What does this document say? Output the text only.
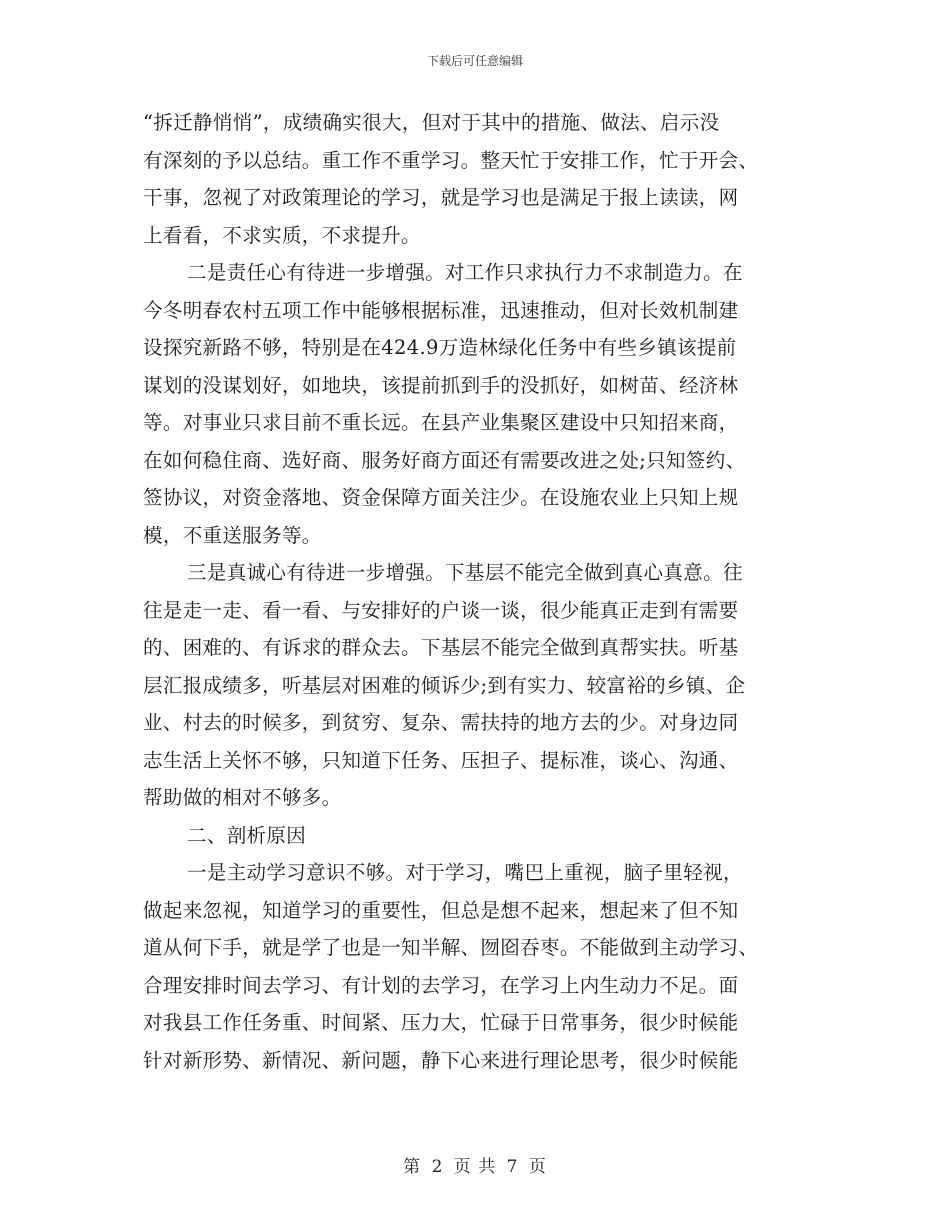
下载后可任意编辑
“拆迁静悄悄”，成绩确实很大，但对于其中的措施、做法、启示没
有深刻的予以总结。重工作不重学习。整天忙于安排工作，忙于开会、
干事，忽视了对政策理论的学习，就是学习也是满足于报上读读，网
上看看，不求实质，不求提升。
二是责任心有待进一步增强。对工作只求执行力不求制造力。在
今冬明春农村五项工作中能够根据标准，迅速推动，但对长效机制建
设探究新路不够，特别是在424.9万造林绿化任务中有些乡镇该提前
谋划的没谋划好，如地块，该提前抓到手的没抓好，如树苗、经济林
等。对事业只求目前不重长远。在县产业集聚区建设中只知招来商，
在如何稳住商、选好商、服务好商方面还有需要改进之处;只知签约、
签协议，对资金落地、资金保障方面关注少。在设施农业上只知上规
模，不重送服务等。
三是真诚心有待进一步增强。下基层不能完全做到真心真意。往
往是走一走、看一看、与安排好的户谈一谈，很少能真正走到有需要
的、困难的、有诉求的群众去。下基层不能完全做到真帮实扶。听基
层汇报成绩多，听基层对困难的倾诉少;到有实力、较富裕的乡镇、企
业、村去的时候多，到贫穷、复杂、需扶持的地方去的少。对身边同
志生活上关怀不够，只知道下任务、压担子、提标准，谈心、沟通、
帮助做的相对不够多。
二、剖析原因
一是主动学习意识不够。对于学习，嘴巴上重视，脑子里轻视，
做起来忽视，知道学习的重要性，但总是想不起来，想起来了但不知
道从何下手，就是学了也是一知半解、囫囵吞枣。不能做到主动学习、
合理安排时间去学习、有计划的去学习，在学习上内生动力不足。面
对我县工作任务重、时间紧、压力大，忙碌于日常事务，很少时候能
针对新形势、新情况、新问题，静下心来进行理论思考，很少时候能
第 2 页 共 7 页
